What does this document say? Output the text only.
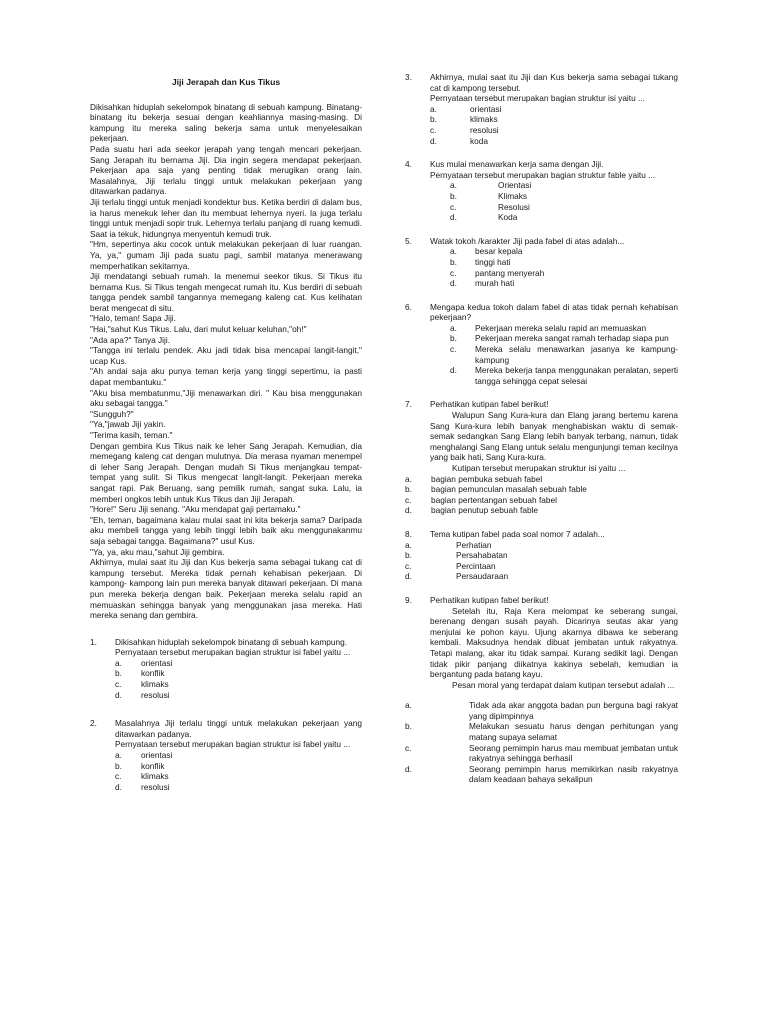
Jiji Jerapah dan Kus Tikus

Dikisahkan hiduplah sekelompok binatang di sebuah kampung. Binatang-binatang itu bekerja sesuai dengan keahliannya masing-masing. Di kampung itu mereka saling bekerja sama untuk menyelesaikan pekerjaan.

Pada suatu hari ada seekor jerapah yang tengah mencari pekerjaan. Sang Jerapah itu bernama Jiji. Dia ingin segera mendapat pekerjaan. Pekerjaan apa saja yang penting tidak merugikan orang lain. Masalahnya, Jiji terlalu tinggi untuk melakukan pekerjaan yang ditawarkan padanya.

Jiji terlalu tinggi untuk menjadi kondektur bus. Ketika berdiri di dalam bus, ia harus menekuk leher dan itu membuat lehernya nyeri. Ia juga terlalu tinggi untuk menjadi sopir truk. Lehernya terlalu panjang di ruang kemudi. Saat ia tekuk, hidungnya menyentuh kemudi truk.

"Hm, sepertinya aku cocok untuk melakukan pekerjaan di luar ruangan. Ya, ya," gumam Jiji pada suatu pagi, sambil matanya menerawang memperhatikan sekitarnya.

Jiji mendatangi sebuah rumah. Ia menemui seekor tikus. Si Tikus itu bernama Kus. Si Tikus tengah mengecat rumah itu. Kus berdiri di sebuah tangga pendek sambil tangannya memegang kaleng cat. Kus kelihatan berat mengecat di situ.

"Halo, teman! Sapa Jiji.

"Hai,"sahut Kus Tikus. Lalu, dari mulut keluar keluhan,"oh!"

"Ada apa?" Tanya Jiji.

"Tangga ini terlalu pendek. Aku jadi tidak bisa mencapai langit-langit," ucap Kus.

"Ah andai saja aku punya teman kerja yang tinggi sepertimu, ia pasti dapat membantuku."

"Aku bisa membatunmu,"Jiji menawarkan diri. " Kau bisa menggunakan aku sebagai tangga."

"Sungguh?"

"Ya,"jawab Jiji yakin.

"Terima kasih, teman."

Dengan gembira Kus Tikus naik ke leher Sang Jerapah. Kemudian, dia memegang kaleng cat dengan mulutnya. Dia merasa nyaman menempel di leher Sang Jerapah. Dengan mudah Si Tikus menjangkau tempat-tempat yang sulit. Si Tikus mengecat langit-langit. Pekerjaan mereka sangat rapi. Pak Beruang, sang pemilik rumah, sangat suka. Lalu, ia memberi ongkos lebih untuk Kus Tikus dan Jiji Jerapah.

"Hore!" Seru Jiji senang. "Aku mendapat gaji pertamaku."

"Eh, teman, bagaimana kalau mulai saat ini kita bekerja sama? Daripada aku membeli tangga yang lebih tinggi lebih baik aku menggunakanmu saja sebagai tangga. Bagaimana?" usul Kus.

"Ya, ya, aku mau,"sahut Jiji gembira.

Akhirnya, mulai saat itu Jiji dan Kus bekerja sama sebagai tukang cat di kampung tersebut. Mereka tidak pernah kehabisan pekerjaan. Di kampong- kampong lain pun mereka banyak ditawari pekerjaan. Di mana pun mereka bekerja dengan baik. Pekerjaan mereka selalu rapid an memuaskan sehingga banyak yang menggunakan jasa mereka. Hati mereka senang dan gembira.

1. Dikisahkan hiduplah sekelompok binatang di sebuah kampung.

Pernyataan tersebut merupakan bagian struktur isi fabel yaitu ...

a. orientasi
b. konflik
c. klimaks
d. resolusi
2. Masalahnya Jiji terlalu tinggi untuk melakukan pekerjaan yang ditawarkan padanya.

Pernyataan tersebut merupakan bagian struktur isi fabel yaitu ...

a. orientasi
b. konflik
c. klimaks
d. resolusi
3. Akhirnya, mulai saat itu Jiji dan Kus bekerja sama sebagai tukang cat di kampong tersebut.

Pernyataan tersebut merupakan bagian struktur isi yaitu ...

a.	orientasi
b.	klimaks
c.	resolusi
d.	koda
4. Kus mulai menawarkan kerja sama dengan Jiji.

Pernyataan tersebut merupakan bagian struktur fable yaitu ...

a.	Orientasi
b.	Klimaks
c.	Resolusi
d.	Koda
5. Watak tokoh /karakter Jiji pada fabel di atas adalah...

a. besar kepala
b. tinggi hati
c. pantang menyerah
d. murah hati
6. Mengapa kedua tokoh dalam fabel di atas tidak pernah kehabisan pekerjaan?

a. Pekerjaan mereka selalu rapid an memuaskan
b. Pekerjaan mereka sangat ramah terhadap siapa pun
c. Mereka selalu menawarkan jasanya ke kampung-kampung
d. Mereka bekerja tanpa menggunakan peralatan, seperti tangga sehingga cepat selesai
7. Perhatikan kutipan fabel berikut!

Walupun Sang Kura-kura dan Elang jarang bertemu karena Sang Kura-kura lebih banyak menghabiskan waktu di semak-semak sedangkan Sang Elang lebih banyak terbang, namun, tidak menghalangi Sang Elang untuk selalu mengunjungi teman kecilnya yang baik hati, Sang Kura-kura.

Kutipan tersebut merupakan struktur isi yaitu ...

a. bagian pembuka sebuah fabel
b. bagian pemunculan masalah sebuah fable
c. bagian pertentangan sebuah fabel
d. bagian penutup sebuah fable
8. Tema kutipan fabel pada soal nomor 7 adalah...

a.	Perhatian
b.	Persahabatan
c.	Percintaan
d.	Persaudaraan
9. Perhatikan kutipan fabel berikut!

Setelah itu, Raja Kera melompat ke seberang sungai, berenang dengan susah payah. Dicarinya seutas akar yang menjulai ke pohon kayu. Ujung akarnya dibawa ke seberang kembali. Maksudnya hendak dibuat jembatan untuk rakyatnya. Tetapi malang, akar itu tidak sampai. Kurang sedikit lagi. Dengan tidak pikir panjang diikatnya kakinya sebelah, kemudian ia bergantung pada batang kayu.

Pesan moral yang terdapat dalam kutipan tersebut adalah ...

a.	Tidak ada akar anggota badan pun berguna bagi rakyat yang dipimpinnya
b.	Melakukan sesuatu harus dengan perhitungan yang matang supaya selamat
c.	Seorang pemimpin harus mau membuat jembatan untuk rakyatnya sehingga berhasil
d.	Seorang pemimpin harus memikirkan nasib rakyatnya dalam keadaan bahaya sekalipun
